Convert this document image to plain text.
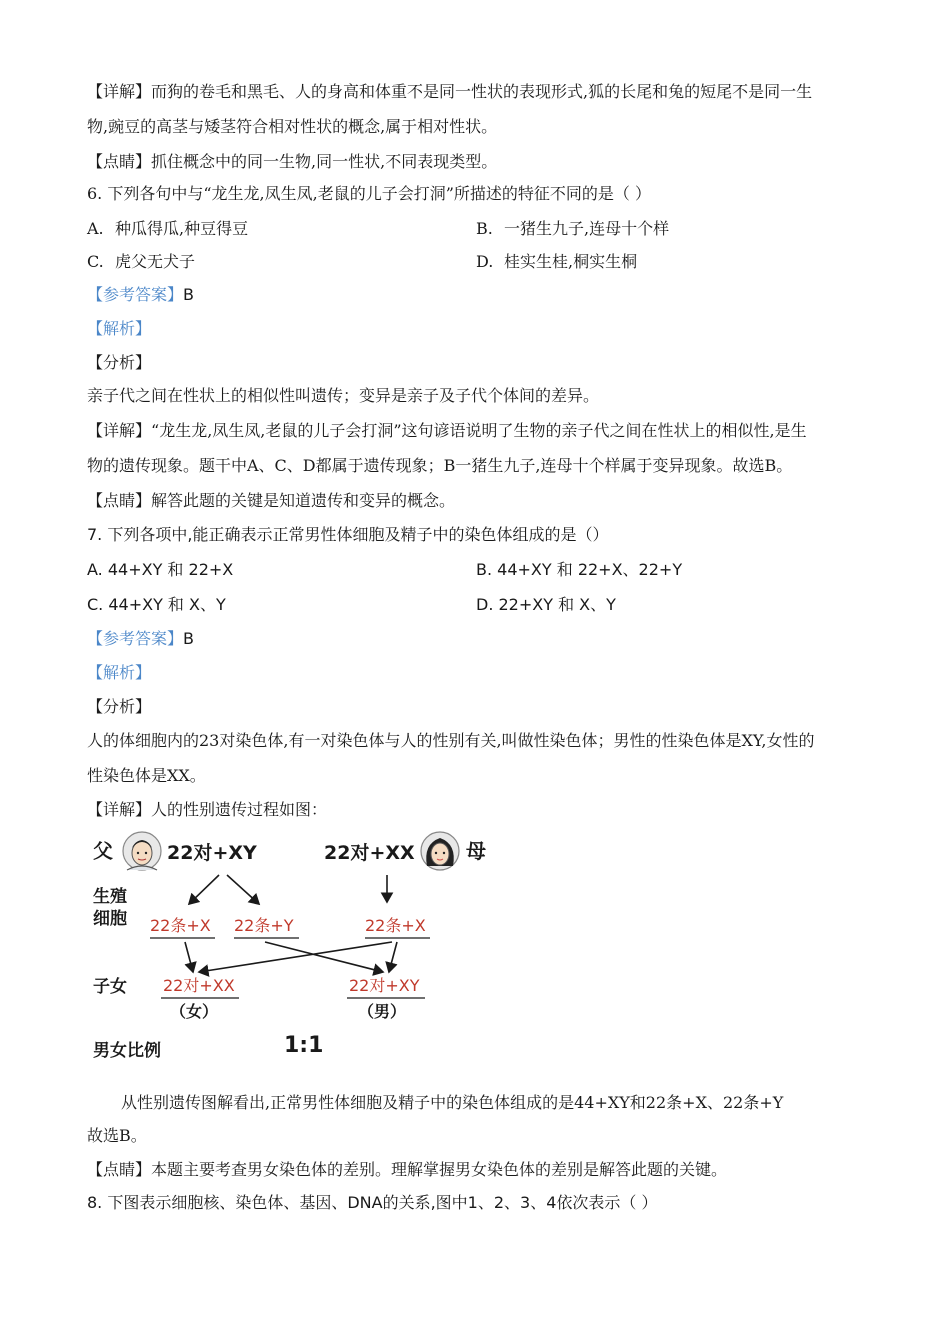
【详解】而狗的卷毛和黑毛、人的身高和体重不是同一性状的表现形式,狐的长尾和兔的短尾不是同一生
物,豌豆的高茎与矮茎符合相对性状的概念,属于相对性状。
【点睛】抓住概念中的同一生物,同一性状,不同表现类型。
6. 下列各句中与“龙生龙,凤生凤,老鼠的儿子会打洞”所描述的特征不同的是（ ）
A. 种瓜得瓜,种豆得豆	B. 一猪生九子,连母十个样
C. 虎父无犬子	D. 桂实生桂,桐实生桐
【参考答案】B
【解析】
【分析】
亲子代之间在性状上的相似性叫遗传；变异是亲子及子代个体间的差异。
【详解】“龙生龙,凤生凤,老鼠的儿子会打洞”这句谚语说明了生物的亲子代之间在性状上的相似性,是生
物的遗传现象。题干中A、C、D都属于遗传现象；B一猪生九子,连母十个样属于变异现象。故选B。
【点睛】解答此题的关键是知道遗传和变异的概念。
7. 下列各项中,能正确表示正常男性体细胞及精子中的染色体组成的是（）
A. 44+XY 和 22+X	B. 44+XY 和 22+X、22+Y
C. 44+XY 和 X、Y	D. 22+XY 和 X、Y
【参考答案】B
【解析】
【分析】
人的体细胞内的23对染色体,有一对染色体与人的性别有关,叫做性染色体；男性的性染色体是XY,女性的
性染色体是XX。
【详解】人的性别遗传过程如图：
父	22对+XY	22对+XX	母
生殖
细胞 22条+X 22条+Y	22条+X
子女 22对+XX
（女）
22对+XY
（男）
男女比例	1:1
从性别遗传图解看出,正常男性体细胞及精子中的染色体组成的是44+XY和22条+X、22条+Y
故选B。
【点睛】本题主要考查男女染色体的差别。理解掌握男女染色体的差别是解答此题的关键。
8. 下图表示细胞核、染色体、基因、DNA的关系,图中1、2、3、4依次表示（ ）
